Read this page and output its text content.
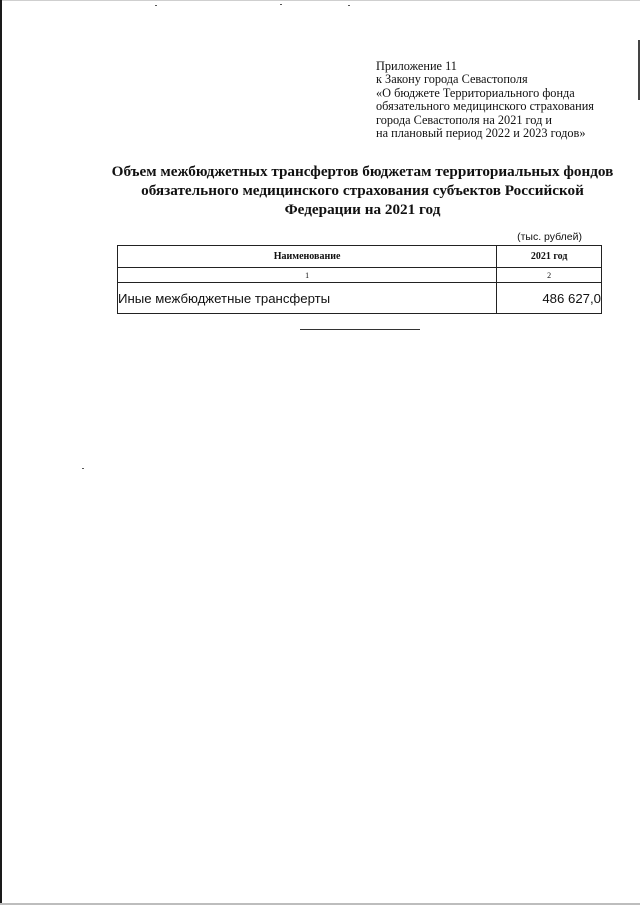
Приложение 11
к Закону города Севастополя
«О бюджете Территориального фонда
обязательного медицинского страхования
города Севастополя на 2021 год и
на плановый период 2022 и 2023 годов»
Объем межбюджетных трансфертов бюджетам территориальных фондов
обязательного медицинского страхования субъектов Российской
Федерации на 2021 год
(тыс. рублей)
Наименование	2021 год
1	2
Иные межбюджетные трансферты	486 627,0
